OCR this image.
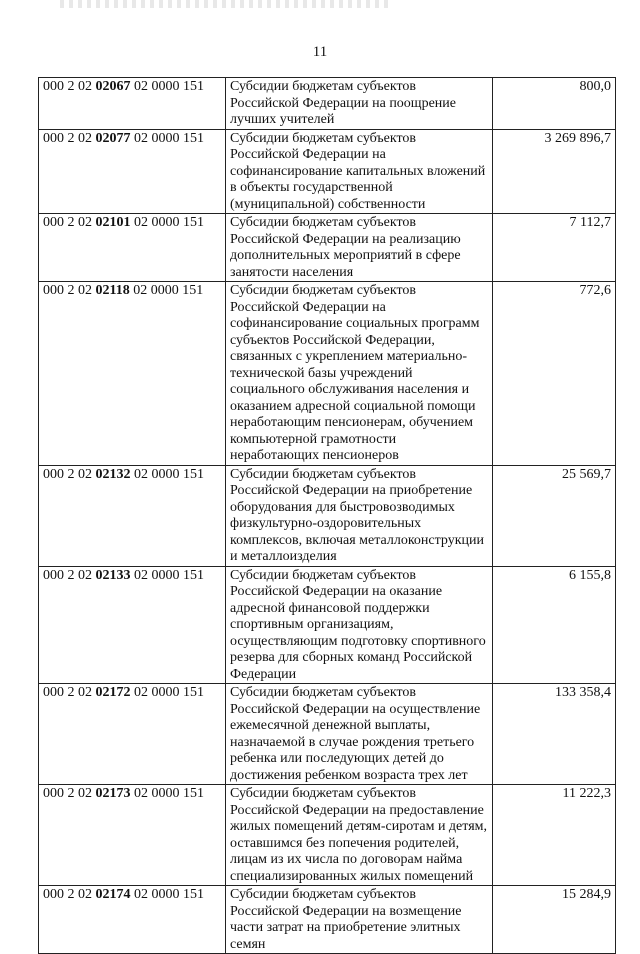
11
000 2 02 02067 02 0000 151	Субсидии бюджетам субъектов Российской Федерации на поощрение лучших учителей	800,0
000 2 02 02077 02 0000 151	Субсидии бюджетам субъектов Российской Федерации на софинансирование капитальных вложений в объекты государственной (муниципальной) собственности	3 269 896,7
000 2 02 02101 02 0000 151	Субсидии бюджетам субъектов Российской Федерации на реализацию дополнительных мероприятий в сфере занятости населения	7 112,7
000 2 02 02118 02 0000 151	Субсидии бюджетам субъектов Российской Федерации на софинансирование социальных программ субъектов Российской Федерации, связанных с укреплением материально-технической базы учреждений социального обслуживания населения и оказанием адресной социальной помощи неработающим пенсионерам, обучением компьютерной грамотности неработающих пенсионеров	772,6
000 2 02 02132 02 0000 151	Субсидии бюджетам субъектов Российской Федерации на приобретение оборудования для быстровозводимых физкультурно-оздоровительных комплексов, включая металлоконструкции и металлоизделия	25 569,7
000 2 02 02133 02 0000 151	Субсидии бюджетам субъектов Российской Федерации на оказание адресной финансовой поддержки спортивным организациям, осуществляющим подготовку спортивного резерва для сборных команд Российской Федерации	6 155,8
000 2 02 02172 02 0000 151	Субсидии бюджетам субъектов Российской Федерации на осуществление ежемесячной денежной выплаты, назначаемой в случае рождения третьего ребенка или последующих детей до достижения ребенком возраста трех лет	133 358,4
000 2 02 02173 02 0000 151	Субсидии бюджетам субъектов Российской Федерации на предоставление жилых помещений детям-сиротам и детям, оставшимся без попечения родителей, лицам из их числа по договорам найма специализированных жилых помещений	11 222,3
000 2 02 02174 02 0000 151	Субсидии бюджетам субъектов Российской Федерации на возмещение части затрат на приобретение элитных семян	15 284,9
